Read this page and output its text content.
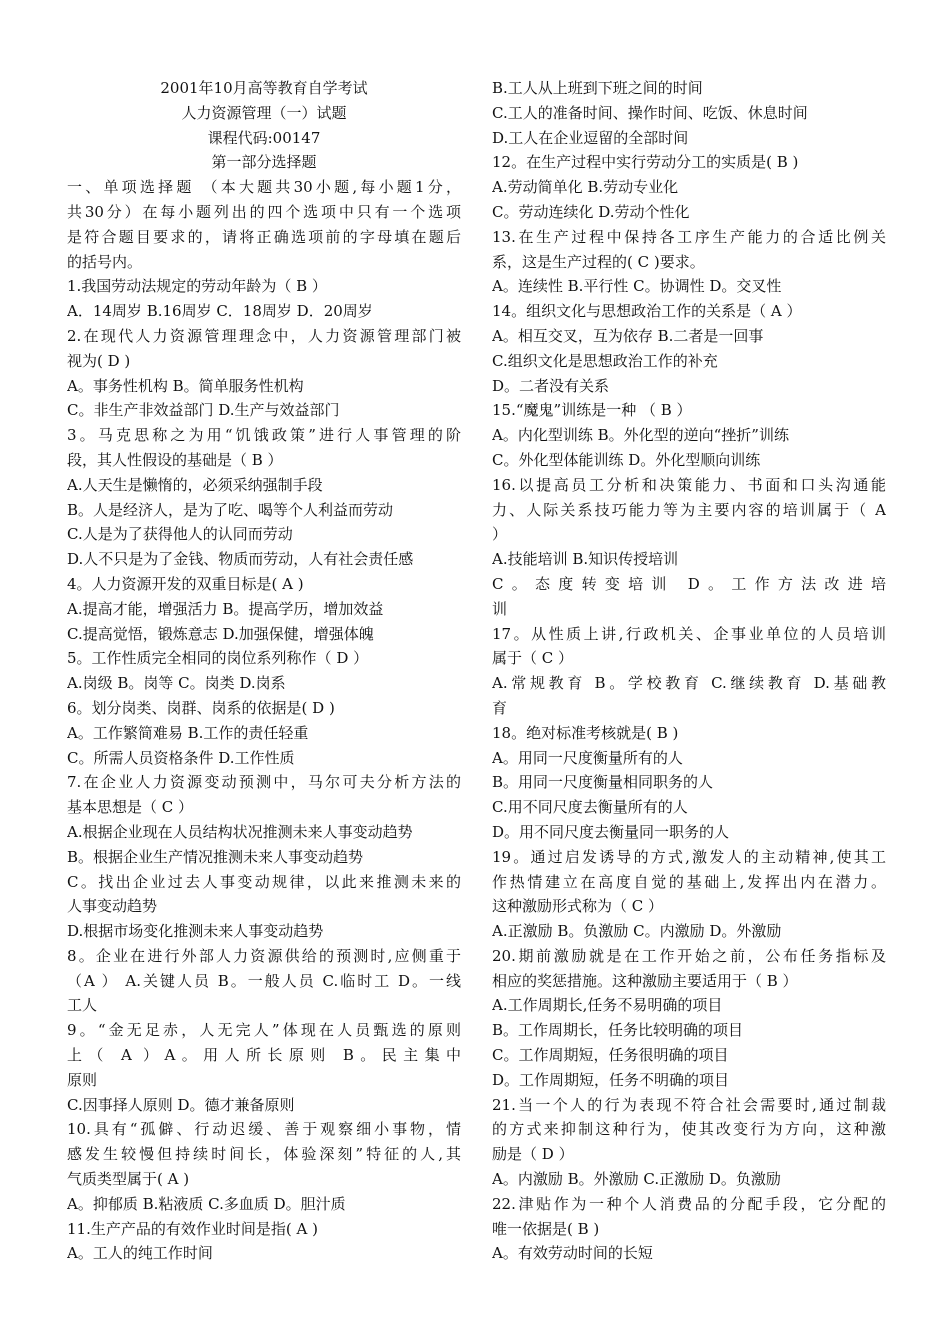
2001年10月高等教育自学考试
人力资源管理（一）试题
课程代码:00147
第一部分选择题
一、单项选择题 （本大题共30小题,每小题1分，
共30分）在每小题列出的四个选项中只有一个选项
是符合题目要求的，请将正确选项前的字母填在题后
的括号内。
1.我国劳动法规定的劳动年龄为（ B ）
A．14周岁 B.16周岁 C．18周岁 D．20周岁
2.在现代人力资源管理理念中，人力资源管理部门被
视为( D )
A。事务性机构 B。简单服务性机构
C。非生产非效益部门 D.生产与效益部门
3。马克思称之为用“饥饿政策”进行人事管理的阶
段，其人性假设的基础是（ B ）
A.人天生是懒惰的，必须采纳强制手段
B。人是经济人，是为了吃、喝等个人利益而劳动
C.人是为了获得他人的认同而劳动
D.人不只是为了金钱、物质而劳动，人有社会责任感
4。人力资源开发的双重目标是( A )
A.提高才能，增强活力 B。提高学历，增加效益
C.提高觉悟，锻炼意志 D.加强保健，增强体魄
5。工作性质完全相同的岗位系列称作（ D ）
A.岗级 B。岗等 C。岗类 D.岗系
6。划分岗类、岗群、岗系的依据是( D )
A。工作繁简难易 B.工作的责任轻重
C。所需人员资格条件 D.工作性质
7.在企业人力资源变动预测中，马尔可夫分析方法的
基本思想是（ C ）
A.根据企业现在人员结构状况推测未来人事变动趋势
B。根据企业生产情况推测未来人事变动趋势
C。找出企业过去人事变动规律，以此来推测未来的
人事变动趋势
D.根据市场变化推测未来人事变动趋势
8。企业在进行外部人力资源供给的预测时,应侧重于
（A ） A.关键人员 B。一般人员 C.临时工 D。一线
工人
9。“金无足赤，人无完人”体现在人员甄选的原则
上（ A ）A。用人所长原则 B。民主集中
原则
C.因事择人原则 D。德才兼备原则
10.具有“孤僻、行动迟缓、善于观察细小事物，情
感发生较慢但持续时间长，体验深刻”特征的人,其
气质类型属于( A )
A。抑郁质 B.粘液质 C.多血质 D。胆汁质
11.生产产品的有效作业时间是指( A )
A。工人的纯工作时间
B.工人从上班到下班之间的时间
C.工人的准备时间、操作时间、吃饭、休息时间
D.工人在企业逗留的全部时间
12。在生产过程中实行劳动分工的实质是( B )
A.劳动简单化 B.劳动专业化
C。劳动连续化 D.劳动个性化
13.在生产过程中保持各工序生产能力的合适比例关
系，这是生产过程的( C )要求。
A。连续性 B.平行性 C。协调性 D。交叉性
14。组织文化与思想政治工作的关系是（ A ）
A。相互交叉，互为依存 B.二者是一回事
C.组织文化是思想政治工作的补充
D。二者没有关系
15.“魔鬼”训练是一种 （ B ）
A。内化型训练 B。外化型的逆向“挫折”训练
C。外化型体能训练 D。外化型顺向训练
16.以提高员工分析和决策能力、书面和口头沟通能
力、人际关系技巧能力等为主要内容的培训属于（ A
）
A.技能培训 B.知识传授培训
C。态度转变培训 D。工作方法改进培
训
17。从性质上讲,行政机关、企事业单位的人员培训
属于（ C ）
A.常规教育 B。学校教育 C.继续教育 D.基础教
育
18。绝对标准考核就是( B )
A。用同一尺度衡量所有的人
B。用同一尺度衡量相同职务的人
C.用不同尺度去衡量所有的人
D。用不同尺度去衡量同一职务的人
19。通过启发诱导的方式,激发人的主动精神,使其工
作热情建立在高度自觉的基础上,发挥出内在潜力。
这种激励形式称为（ C ）
A.正激励 B。负激励 C。内激励 D。外激励
20.期前激励就是在工作开始之前，公布任务指标及
相应的奖惩措施。这种激励主要适用于（ B ）
A.工作周期长,任务不易明确的项目
B。工作周期长，任务比较明确的项目
C。工作周期短，任务很明确的项目
D。工作周期短，任务不明确的项目
21.当一个人的行为表现不符合社会需要时,通过制裁
的方式来抑制这种行为，使其改变行为方向，这种激
励是（ D ）
A。内激励 B。外激励 C.正激励 D。负激励
22.津贴作为一种个人消费品的分配手段，它分配的
唯一依据是( B )
A。有效劳动时间的长短
